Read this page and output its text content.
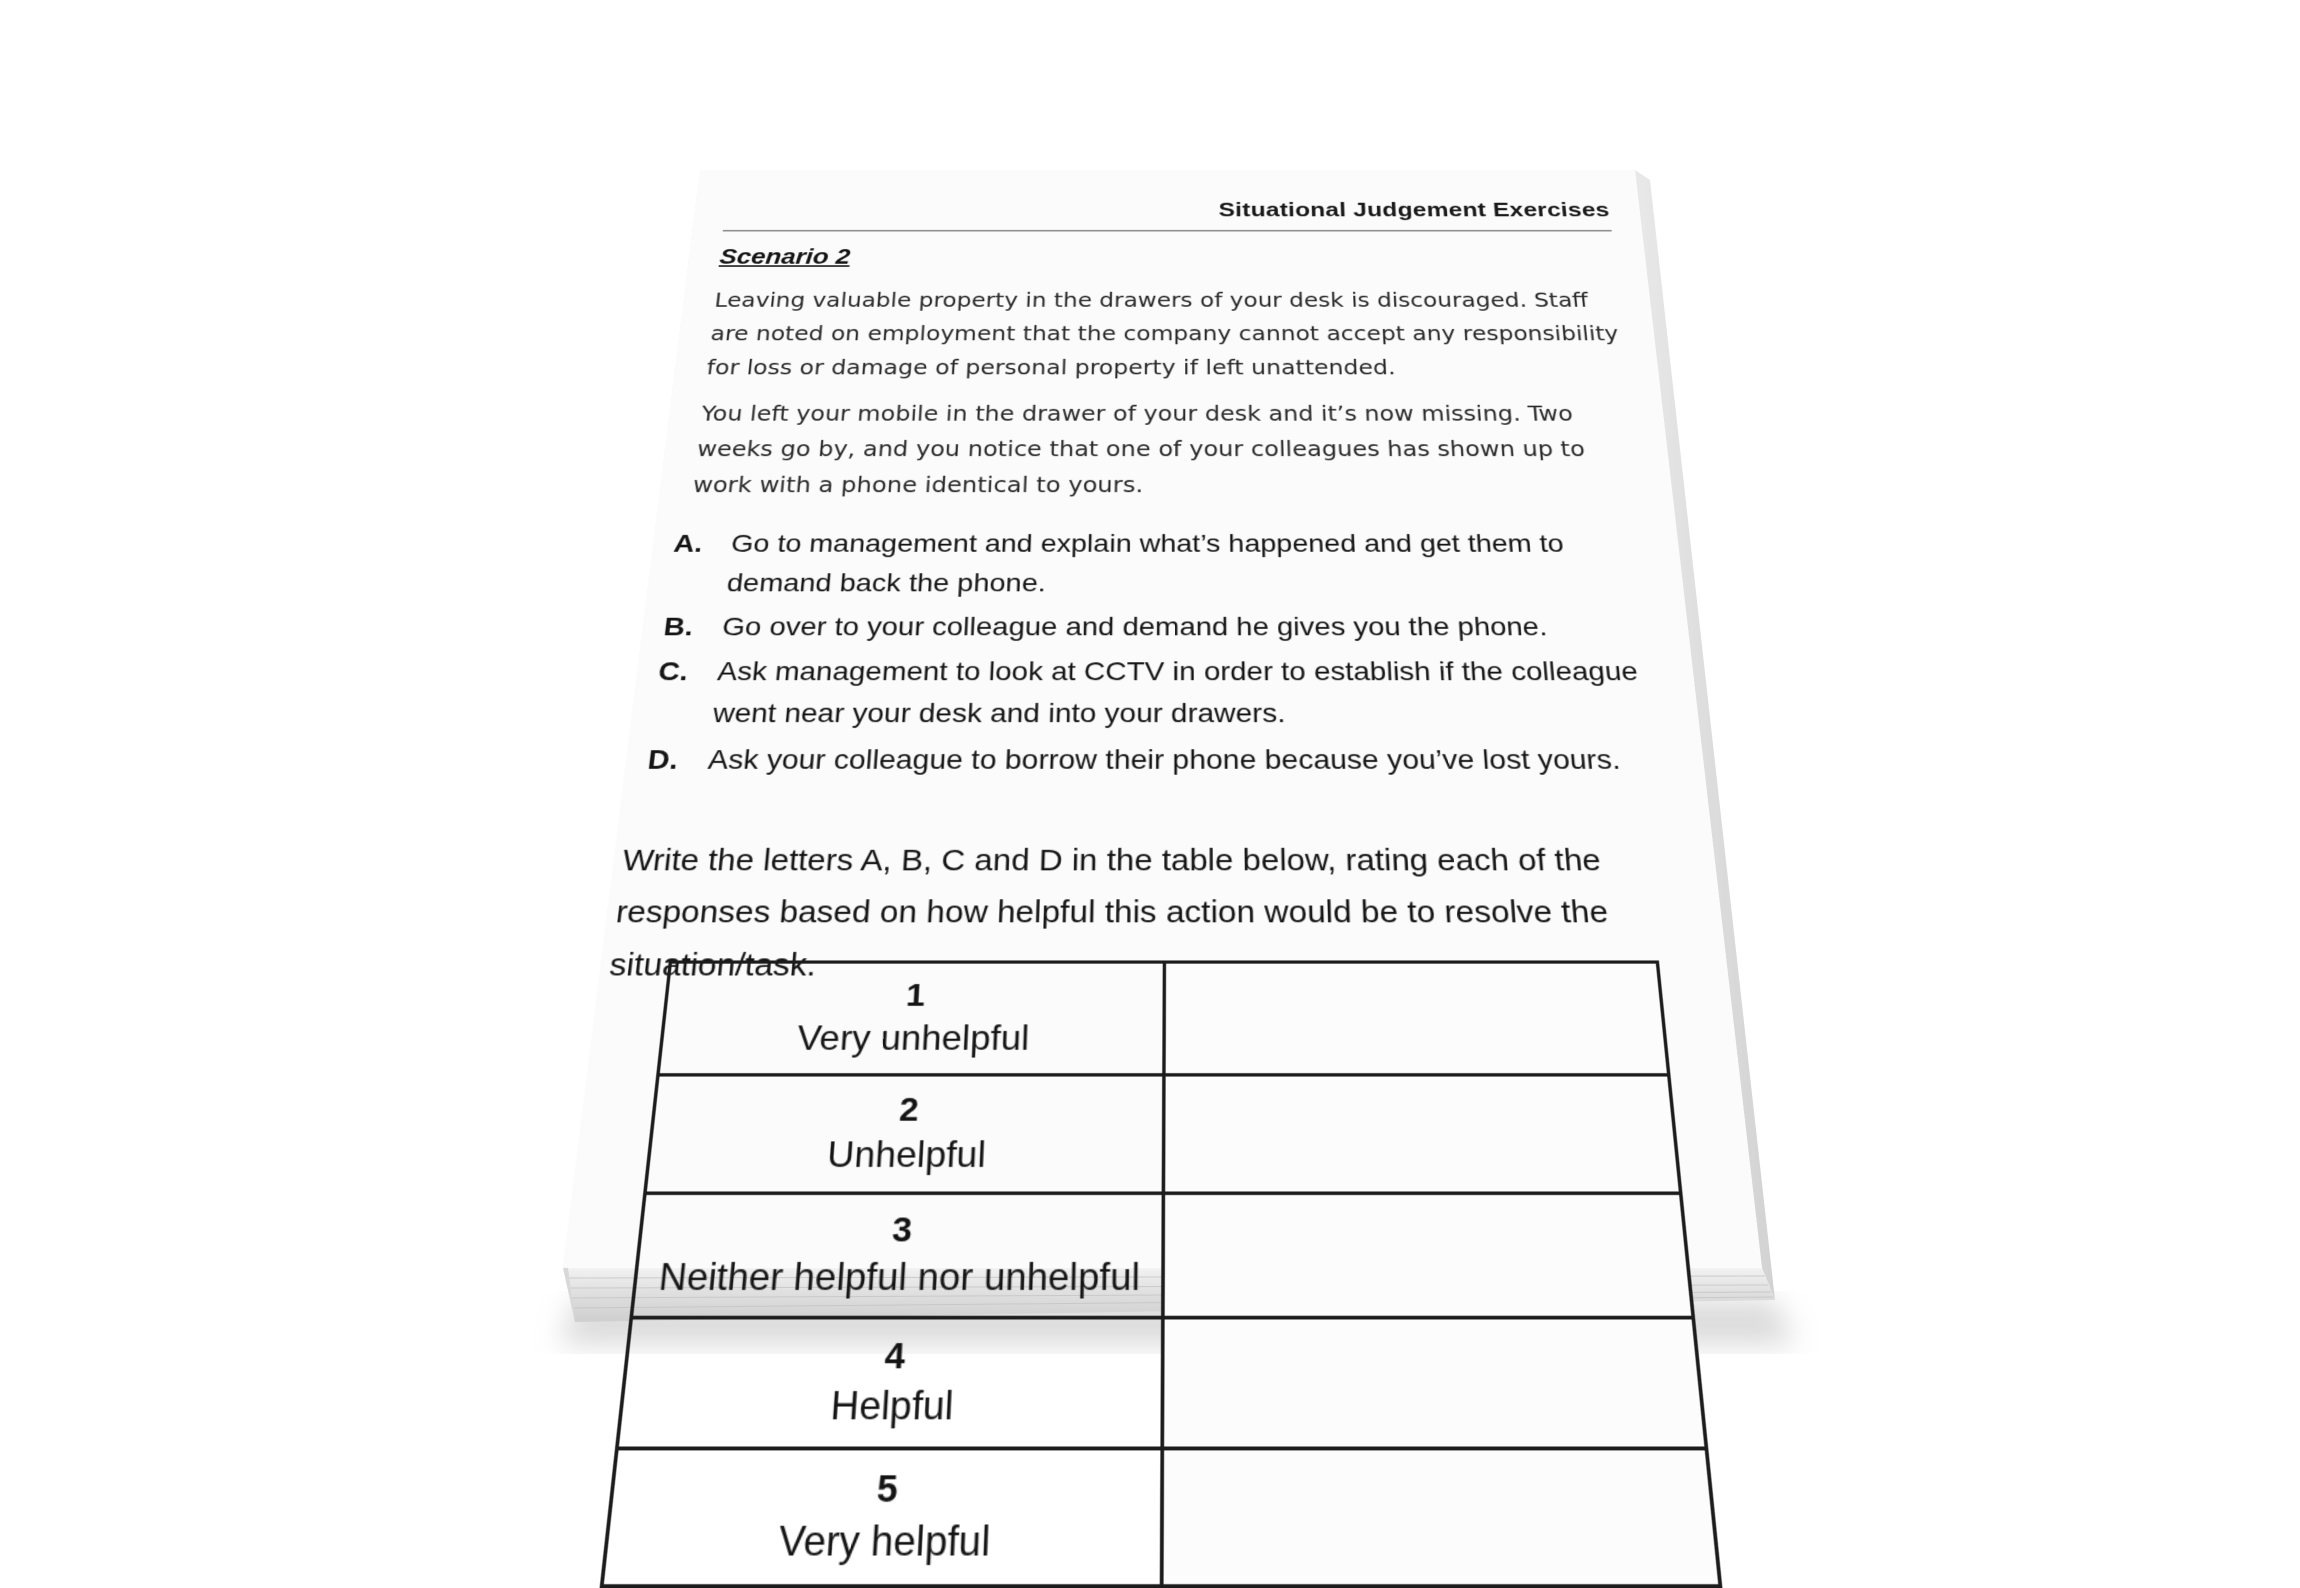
Situational Judgement Exercises
Scenario 2
Leaving valuable property in the drawers of your desk is discouraged. Staff are noted on employment that the company cannot accept any responsibility for loss or damage of personal property if left unattended.
You left your mobile in the drawer of your desk and it’s now missing. Two weeks go by, and you notice that one of your colleagues has shown up to work with a phone identical to yours.
A. Go to management and explain what’s happened and get them to demand back the phone.
B. Go over to your colleague and demand he gives you the phone.
C. Ask management to look at CCTV in order to establish if the colleague went near your desk and into your drawers.
D. Ask your colleague to borrow their phone because you’ve lost yours.
Write the letters A, B, C and D in the table below, rating each of the responses based on how helpful this action would be to resolve the situation/task.
1
Very unhelpful	

2
Unhelpful	

3
Neither helpful nor unhelpful	

4
Helpful	

5
Very helpful	
